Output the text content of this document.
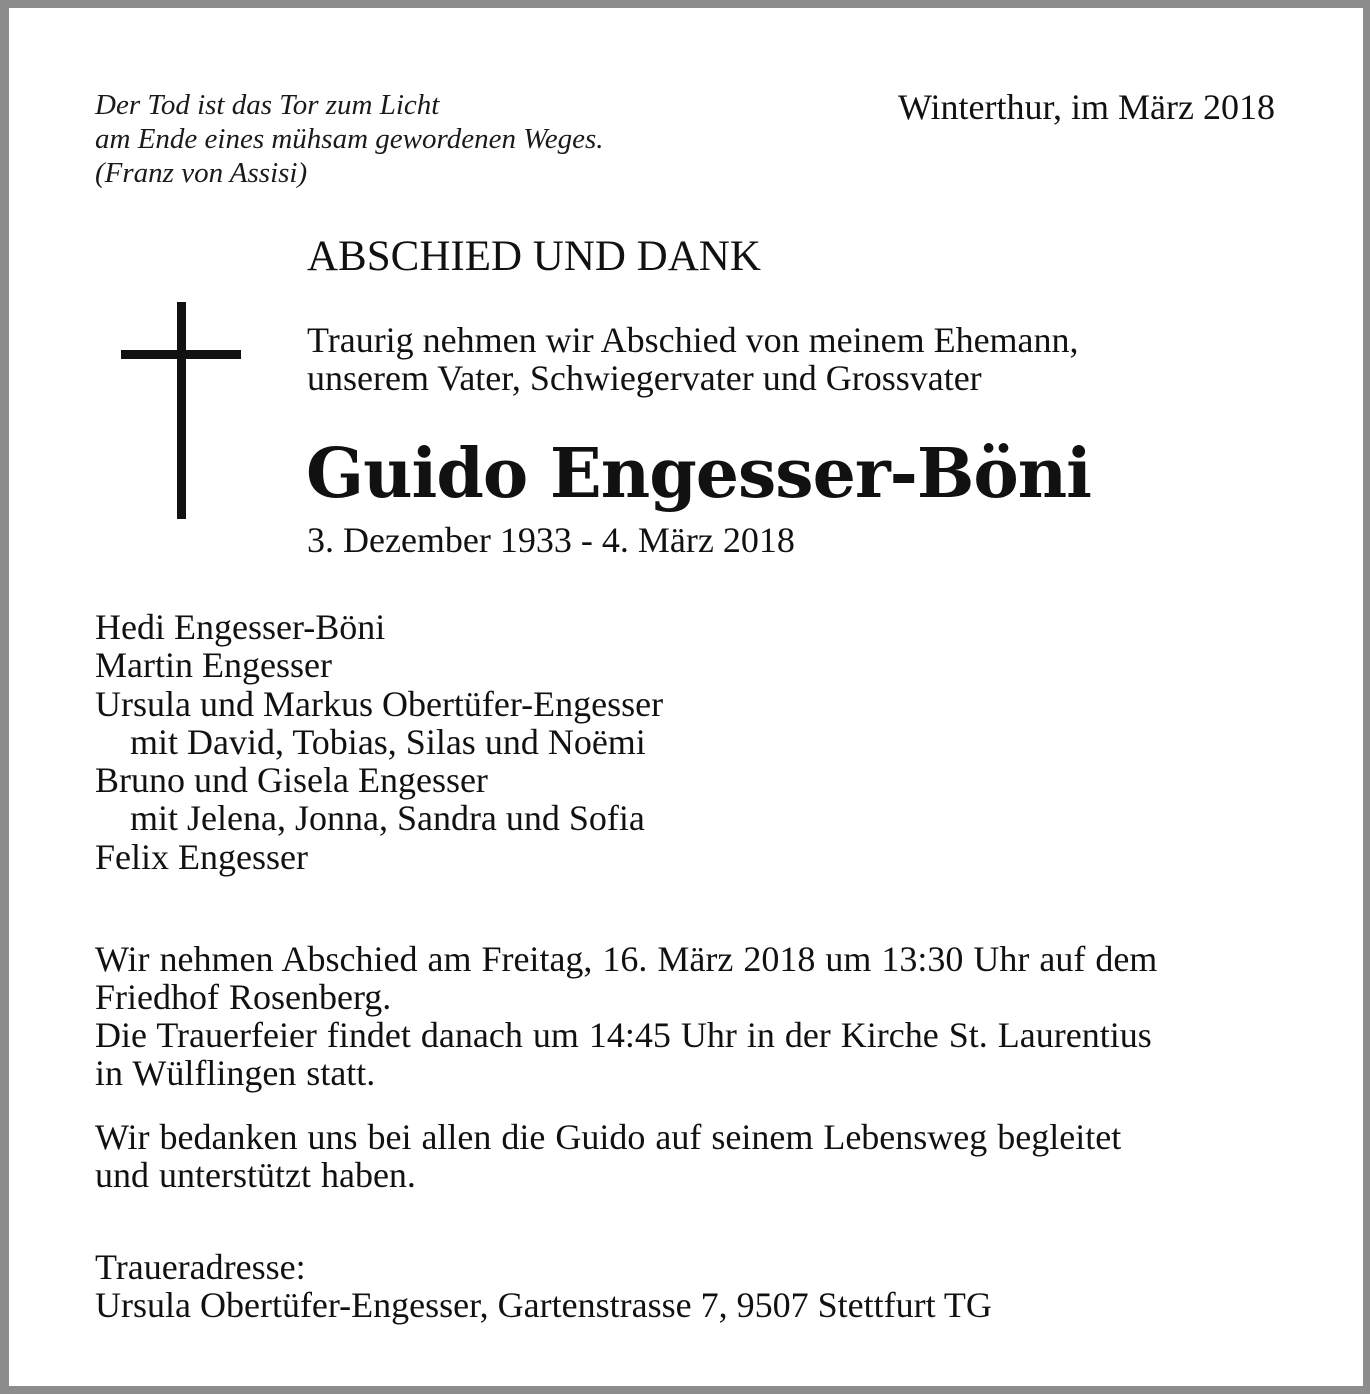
Der Tod ist das Tor zum Licht
am Ende eines mühsam gewordenen Weges.
(Franz von Assisi)
Winterthur, im März 2018
ABSCHIED UND DANK
Traurig nehmen wir Abschied von meinem Ehemann,
unserem Vater, Schwiegervater und Grossvater
Guido Engesser-Böni
3. Dezember 1933 - 4. März 2018
Hedi Engesser-Böni
Martin Engesser
Ursula und Markus Obertüfer-Engesser
mit David, Tobias, Silas und Noëmi
Bruno und Gisela Engesser
mit Jelena, Jonna, Sandra und Sofia
Felix Engesser
Wir nehmen Abschied am Freitag, 16. März 2018 um 13:30 Uhr auf dem
Friedhof Rosenberg.
Die Trauerfeier findet danach um 14:45 Uhr in der Kirche St. Laurentius
in Wülflingen statt.
Wir bedanken uns bei allen die Guido auf seinem Lebensweg begleitet
und unterstützt haben.
Traueradresse:
Ursula Obertüfer-Engesser, Gartenstrasse 7, 9507 Stettfurt TG
